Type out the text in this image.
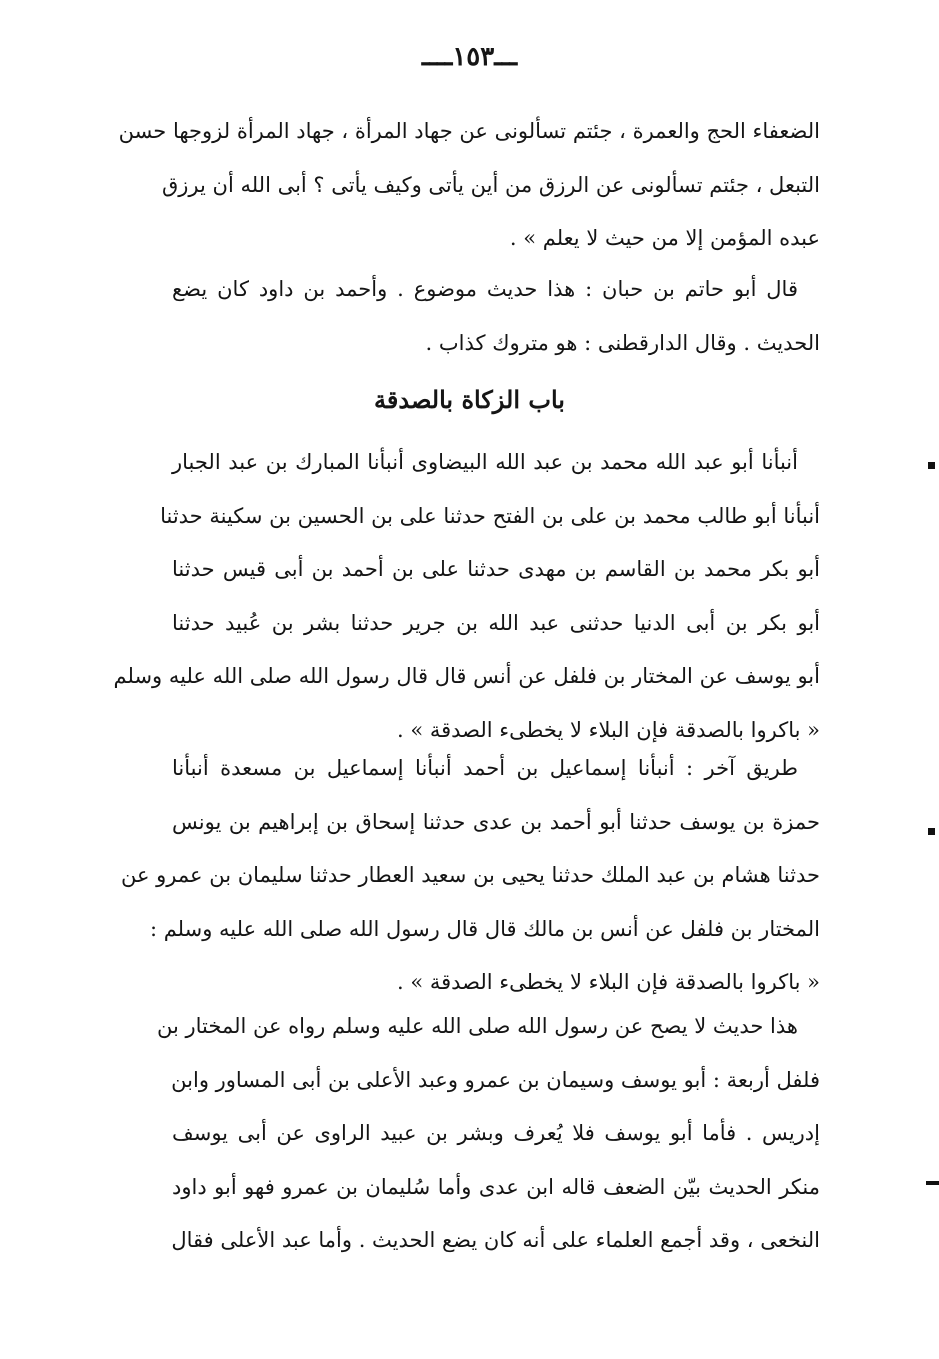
ـــ١٥٣ــــ
الضعفاء الحج والعمرة ، جئتم تسألونى عن جهاد المرأة ، جهاد المرأة لزوجها حسن
التبعل ، جئتم تسألونى عن الرزق من أين يأتى وكيف يأتى ؟ أبى الله أن يرزق
عبده المؤمن إلا من حيث لا يعلم » .
قال أبو حاتم بن حبان : هذا حديث موضوع . وأحمد بن داود كان يضع
الحديث . وقال الدارقطنى : هو متروك كذاب .
باب الزكاة بالصدقة
أنبأنا أبو عبد الله محمد بن عبد الله البيضاوى أنبأنا المبارك بن عبد الجبار
أنبأنا أبو طالب محمد بن على بن الفتح حدثنا على بن الحسين بن سكينة حدثنا
أبو بكر محمد بن القاسم بن مهدى حدثنا على بن أحمد بن أبى قيس حدثنا
أبو بكر بن أبى الدنيا حدثنى عبد الله بن جرير حدثنا بشر بن عُبيد حدثنا
أبو يوسف عن المختار بن فلفل عن أنس قال قال رسول الله صلى الله عليه وسلم
« باكروا بالصدقة فإن البلاء لا يخطىء الصدقة » .
طريق آخر : أنبأنا إسماعيل بن أحمد أنبأنا إسماعيل بن مسعدة أنبأنا
حمزة بن يوسف حدثنا أبو أحمد بن عدى حدثنا إسحاق بن إبراهيم بن يونس
حدثنا هشام بن عبد الملك حدثنا يحيى بن سعيد العطار حدثنا سليمان بن عمرو عن
المختار بن فلفل عن أنس بن مالك قال قال رسول الله صلى الله عليه وسلم :
« باكروا بالصدقة فإن البلاء لا يخطىء الصدقة » .
هذا حديث لا يصح عن رسول الله صلى الله عليه وسلم رواه عن المختار بن
فلفل أربعة : أبو يوسف وسيمان بن عمرو وعبد الأعلى بن أبى المساور وابن
إدريس . فأما أبو يوسف فلا يُعرف وبشر بن عبيد الراوى عن أبى يوسف
منكر الحديث بيّن الضعف قاله ابن عدى وأما سُليمان بن عمرو فهو أبو داود
النخعى ، وقد أجمع العلماء على أنه كان يضع الحديث . وأما عبد الأعلى فقال
